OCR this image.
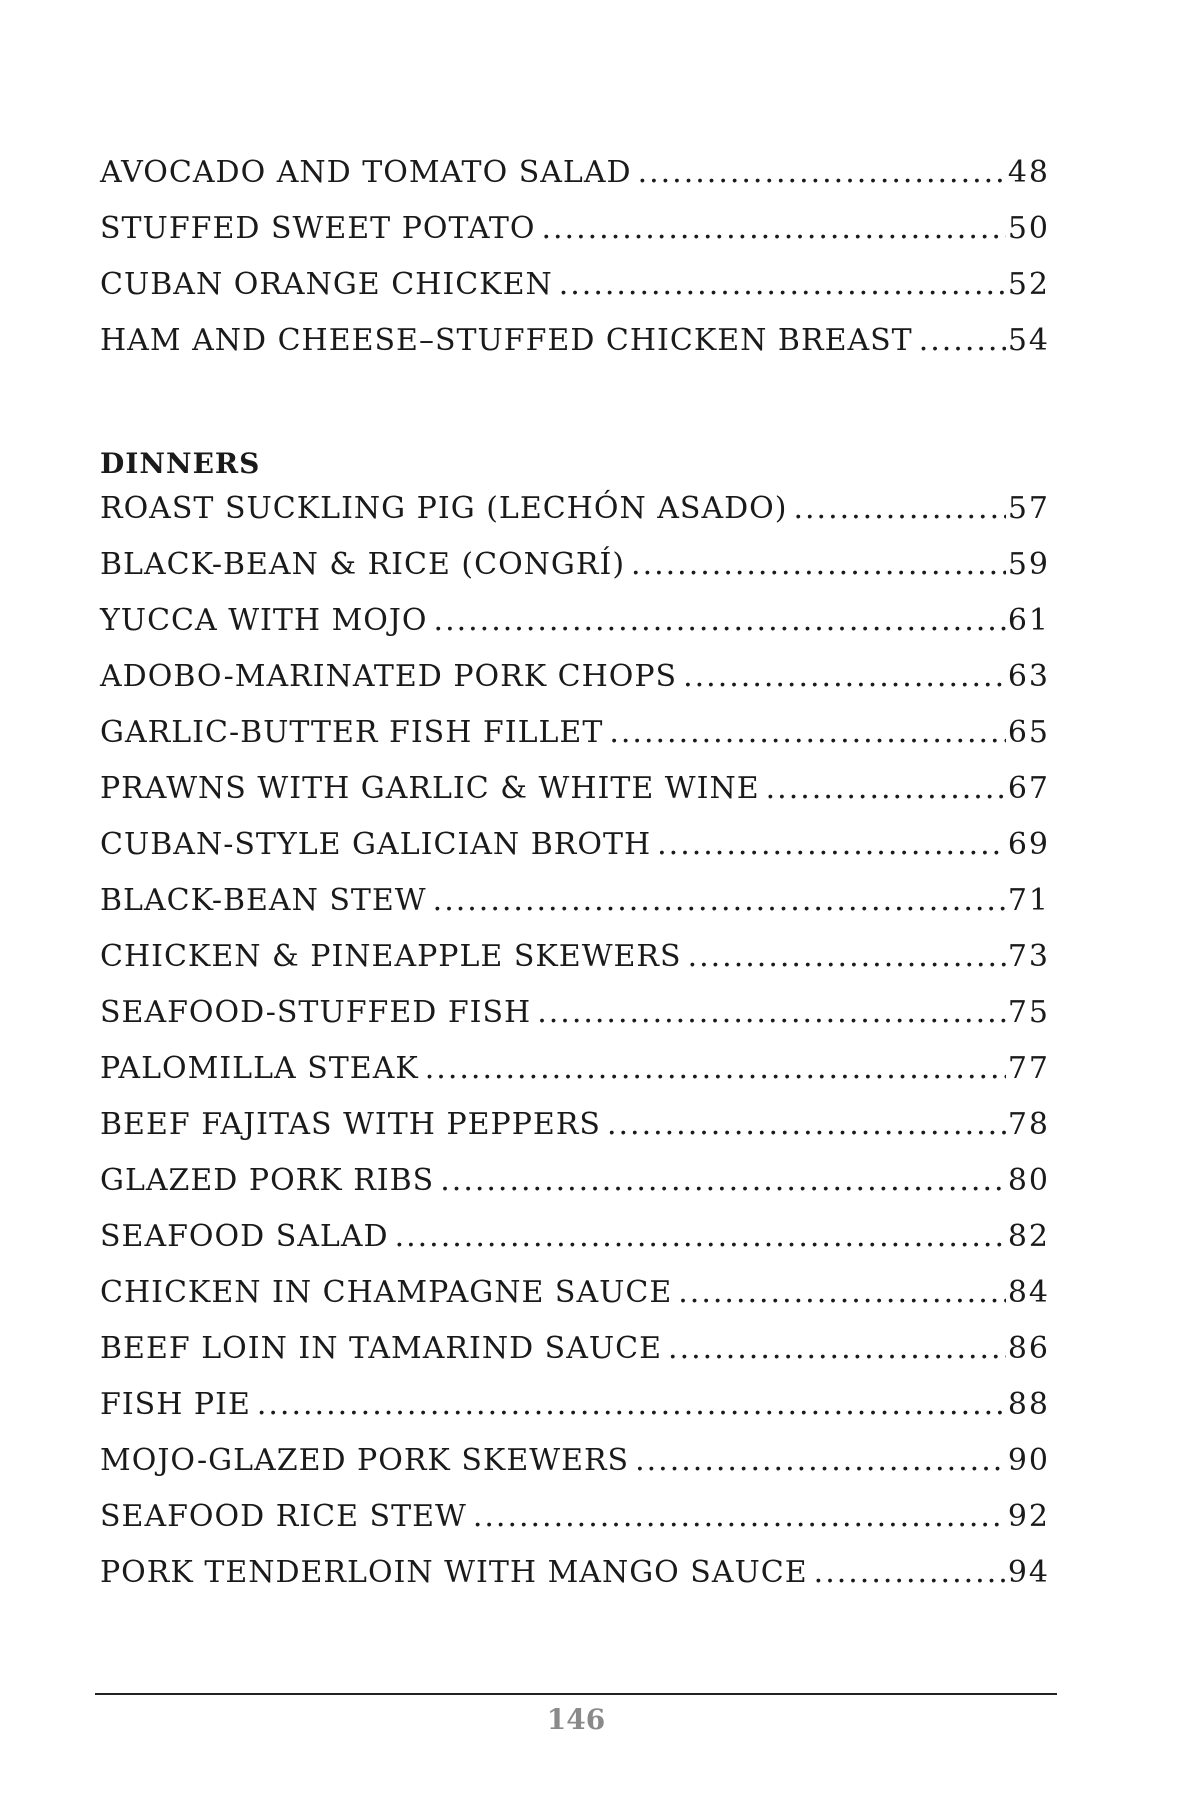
AVOCADO AND TOMATO SALAD .....	48
STUFFED SWEET POTATO .....	50
CUBAN ORANGE CHICKEN .....	52
HAM AND CHEESE–STUFFED CHICKEN BREAST .....	54
DINNERS
ROAST SUCKLING PIG (LECHÓN ASADO) .....	57
BLACK-BEAN & RICE (CONGRÍ) .....	59
YUCCA WITH MOJO .....	61
ADOBO-MARINATED PORK CHOPS .....	63
GARLIC-BUTTER FISH FILLET .....	65
PRAWNS WITH GARLIC & WHITE WINE .....	67
CUBAN-STYLE GALICIAN BROTH .....	69
BLACK-BEAN STEW .....	71
CHICKEN & PINEAPPLE SKEWERS .....	73
SEAFOOD-STUFFED FISH .....	75
PALOMILLA STEAK .....	77
BEEF FAJITAS WITH PEPPERS .....	78
GLAZED PORK RIBS .....	80
SEAFOOD SALAD .....	82
CHICKEN IN CHAMPAGNE SAUCE .....	84
BEEF LOIN IN TAMARIND SAUCE .....	86
FISH PIE .....	88
MOJO-GLAZED PORK SKEWERS .....	90
SEAFOOD RICE STEW .....	92
PORK TENDERLOIN WITH MANGO SAUCE .....	94
146
